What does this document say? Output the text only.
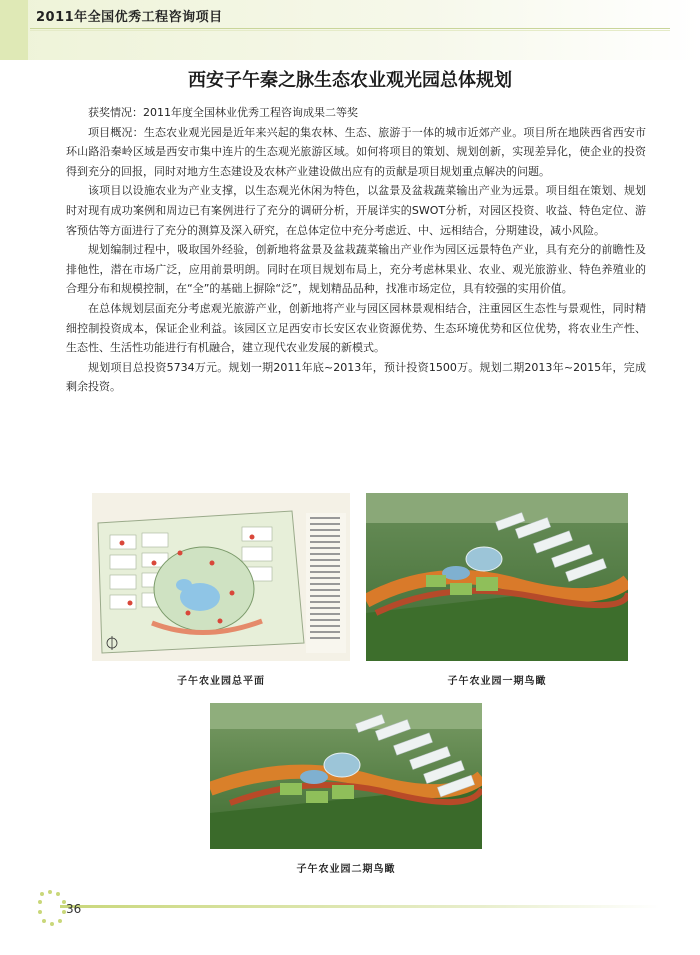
2011年全国优秀工程咨询项目
西安子午秦之脉生态农业观光园总体规划

获奖情况：2011年度全国林业优秀工程咨询成果二等奖

项目概况：生态农业观光园是近年来兴起的集农林、生态、旅游于一体的城市近郊产业。项目所在地陕西省西安市环山路沿秦岭区域是西安市集中连片的生态观光旅游区域。如何将项目的策划、规划创新，实现差异化，使企业的投资得到充分的回报，同时对地方生态建设及农林产业建设做出应有的贡献是项目规划重点解决的问题。

该项目以设施农业为产业支撑，以生态观光休闲为特色，以盆景及盆栽蔬菜输出产业为远景。项目组在策划、规划时对现有成功案例和周边已有案例进行了充分的调研分析，开展详实的SWOT分析，对园区投资、收益、特色定位、游客预估等方面进行了充分的测算及深入研究，在总体定位中充分考虑近、中、远相结合，分期建设，减小风险。

规划编制过程中，吸取国外经验，创新地将盆景及盆栽蔬菜输出产业作为园区远景特色产业，具有充分的前瞻性及排他性，潜在市场广泛，应用前景明朗。同时在项目规划布局上，充分考虑林果业、农业、观光旅游业、特色养殖业的合理分布和规模控制，在“全”的基础上摒除“泛”，规划精品品种，找准市场定位，具有较强的实用价值。

在总体规划层面充分考虑观光旅游产业，创新地将产业与园区园林景观相结合，注重园区生态性与景观性，同时精细控制投资成本，保证企业利益。该园区立足西安市长安区农业资源优势、生态环境优势和区位优势，将农业生产性、生态性、生活性功能进行有机融合，建立现代农业发展的新模式。

规划项目总投资5734万元。规划一期2011年底~2013年，预计投资1500万。规划二期2013年~2015年，完成剩余投资。

子午农业园总平面	子午农业园一期鸟瞰
子午农业园二期鸟瞰
36
